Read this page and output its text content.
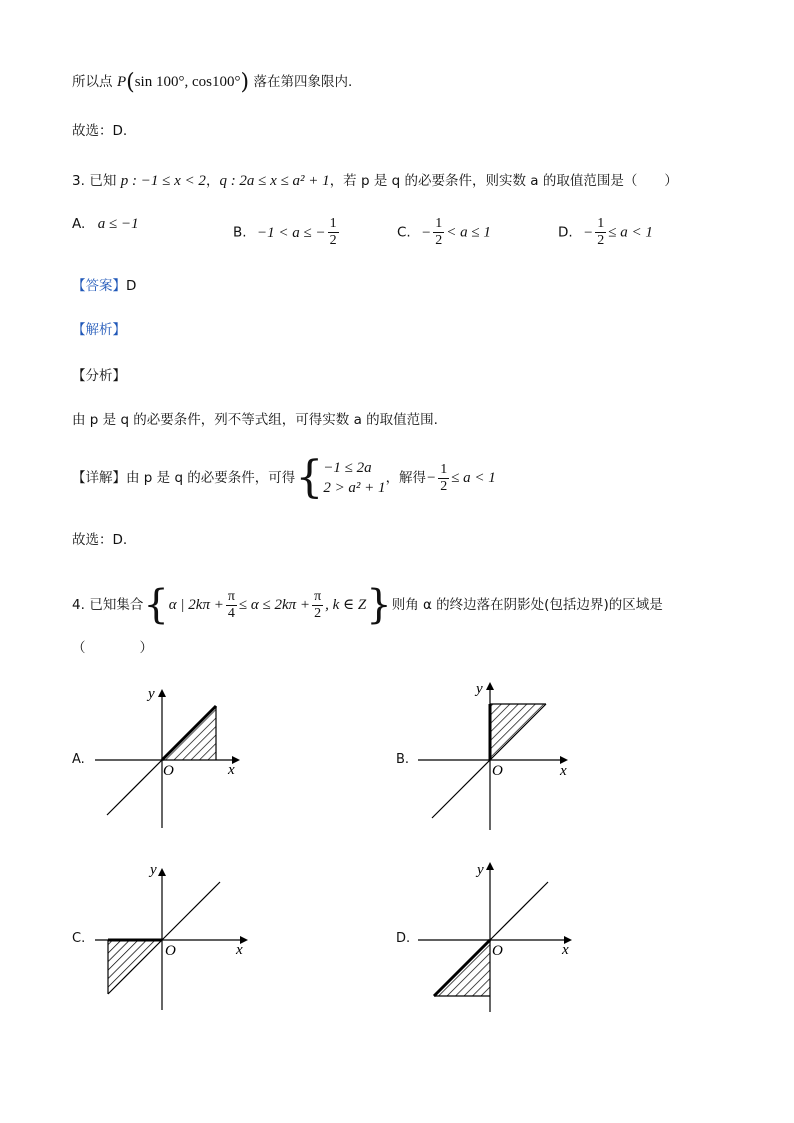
所以点 P(sin 100°, cos100°) 落在第四象限内.
故选：D.
3. 已知 p : −1 ≤ x < 2，q : 2a ≤ x ≤ a² + 1，若 p 是 q 的必要条件，则实数 a 的取值范围是（　　）
A. a ≤ −1
B. −1 < a ≤ − $\frac{1}{2}$	C. − $\frac{1}{2} < a \le 1$	D. − $\frac{1}{2} \le a < 1$
【答案】D
【解析】
【分析】
由 p 是 q 的必要条件，列不等式组，可得实数 a 的取值范围.
【详解】由 p 是 q 的必要条件，可得{ −1 ≤ 2a
2 > a² + 1
，解得− $\frac{1}{2} \le a < 1$
故选：D.
4. 已知集合{α | $2k\pi + \frac{\pi}{4} \le \alpha \le 2k\pi + \frac{\pi}{2}$ , k ∈ Z}则角 α 的终边落在阴影处(包括边界)的区域是
（　　　　）
A.	B.
C.	D.
y
x
O
y
x
O
y
x
O
y
x
O
